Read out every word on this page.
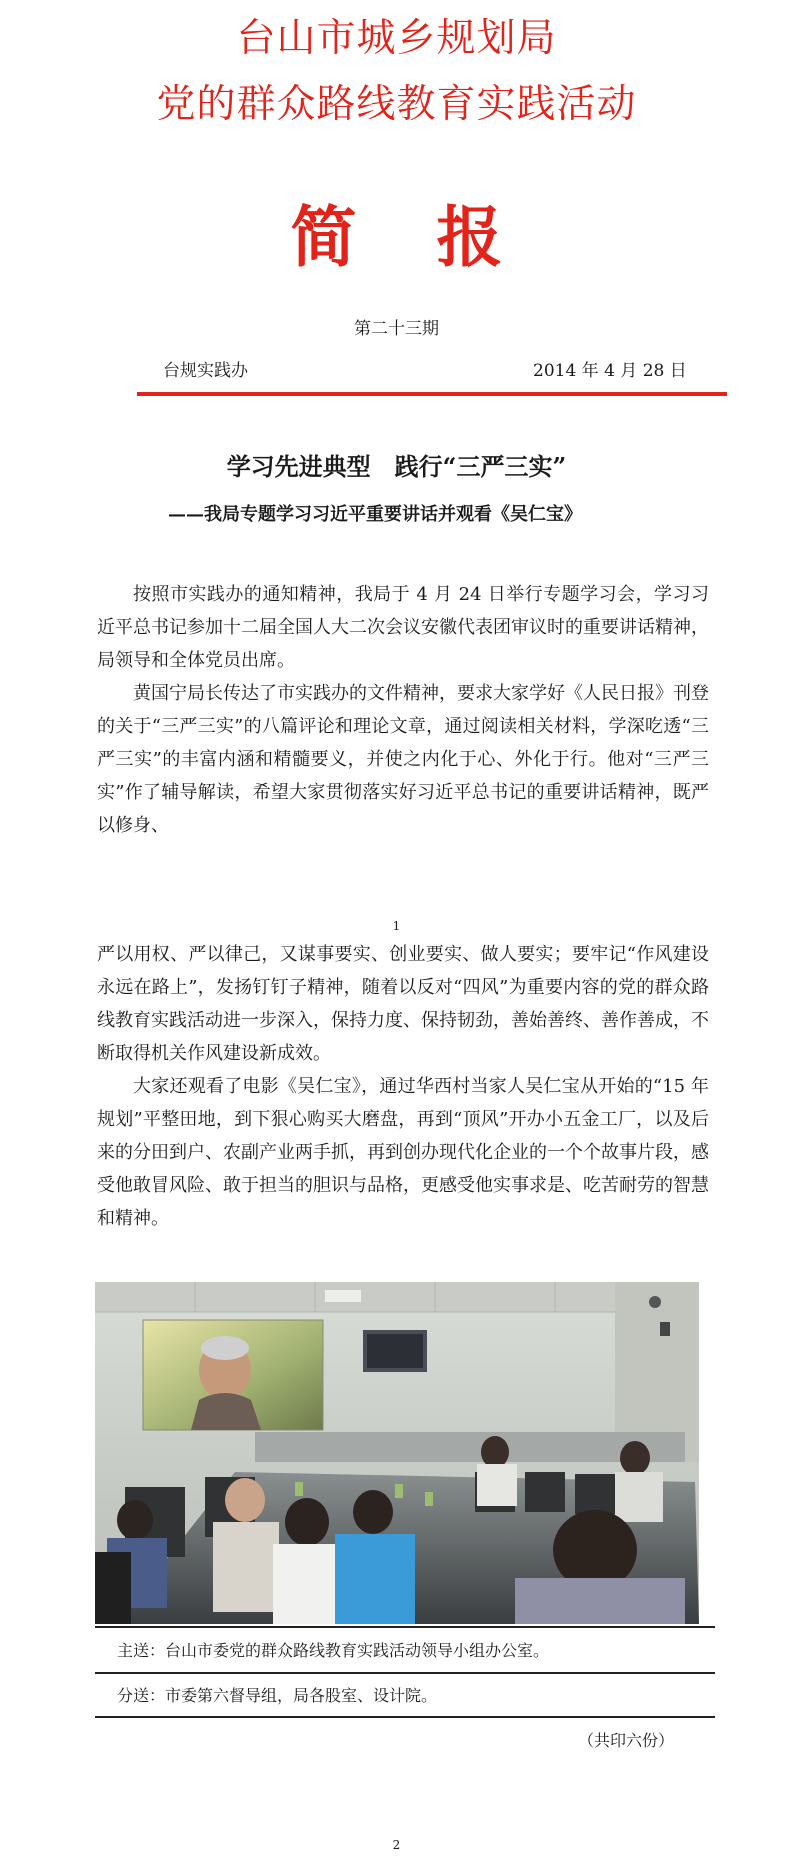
台山市城乡规划局
党的群众路线教育实践活动
简 报
第二十三期
台规实践办	2014 年 4 月 28 日
学习先进典型　践行“三严三实”
——我局专题学习习近平重要讲话并观看《吴仁宝》

按照市实践办的通知精神，我局于 4 月 24 日举行专题学习会，学习习近平总书记参加十二届全国人大二次会议安徽代表团审议时的重要讲话精神，局领导和全体党员出席。

黄国宁局长传达了市实践办的文件精神，要求大家学好《人民日报》刊登的关于“三严三实”的八篇评论和理论文章，通过阅读相关材料，学深吃透“三严三实”的丰富内涵和精髓要义，并使之内化于心、外化于行。他对“三严三实”作了辅导解读，希望大家贯彻落实好习近平总书记的重要讲话精神，既严以修身、

1

严以用权、严以律己，又谋事要实、创业要实、做人要实；要牢记“作风建设永远在路上”，发扬钉钉子精神，随着以反对“四风”为重要内容的党的群众路线教育实践活动进一步深入，保持力度、保持韧劲，善始善终、善作善成，不断取得机关作风建设新成效。

大家还观看了电影《吴仁宝》，通过华西村当家人吴仁宝从开始的“15 年规划”平整田地，到下狠心购买大磨盘，再到“顶风”开办小五金工厂，以及后来的分田到户、农副产业两手抓，再到创办现代化企业的一个个故事片段，感受他敢冒风险、敢于担当的胆识与品格，更感受他实事求是、吃苦耐劳的智慧和精神。

主送：台山市委党的群众路线教育实践活动领导小组办公室。
分送：市委第六督导组，局各股室、设计院。
（共印六份）
2
